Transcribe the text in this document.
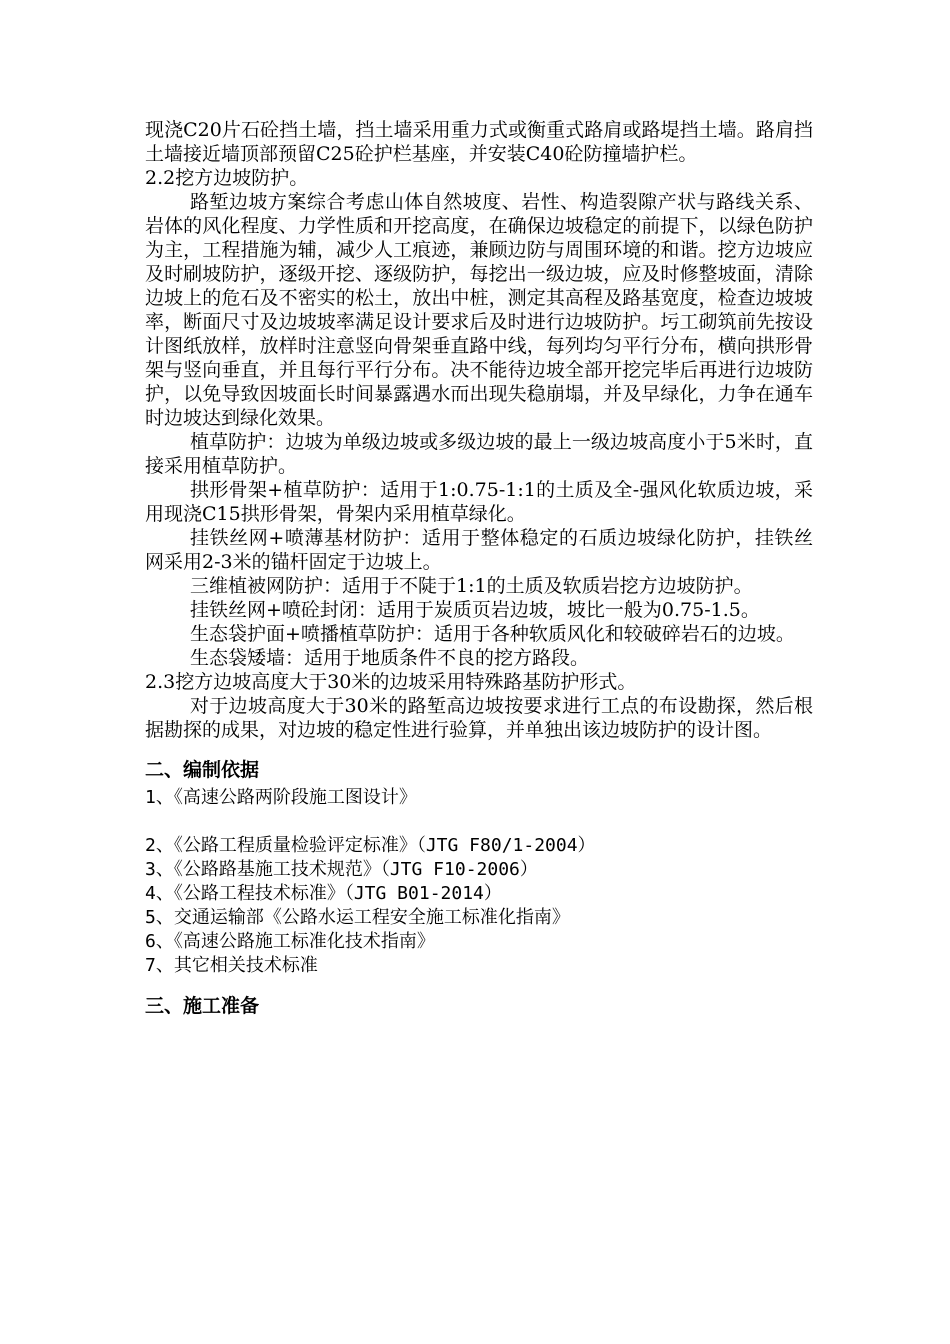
现浇C20片石砼挡土墙，挡土墙采用重力式或衡重式路肩或路堤挡土墙。路肩挡土墙接近墙顶部预留C25砼护栏基座，并安装C40砼防撞墙护栏。

2.2挖方边坡防护。

路堑边坡方案综合考虑山体自然坡度、岩性、构造裂隙产状与路线关系、岩体的风化程度、力学性质和开挖高度，在确保边坡稳定的前提下，以绿色防护为主，工程措施为辅，减少人工痕迹，兼顾边防与周围环境的和谐。挖方边坡应及时刷坡防护，逐级开挖、逐级防护，每挖出一级边坡，应及时修整坡面，清除边坡上的危石及不密实的松土，放出中桩，测定其高程及路基宽度，检查边坡坡率，断面尺寸及边坡坡率满足设计要求后及时进行边坡防护。圬工砌筑前先按设计图纸放样，放样时注意竖向骨架垂直路中线，每列均匀平行分布，横向拱形骨架与竖向垂直，并且每行平行分布。决不能待边坡全部开挖完毕后再进行边坡防护，以免导致因坡面长时间暴露遇水而出现失稳崩塌，并及早绿化，力争在通车时边坡达到绿化效果。

植草防护：边坡为单级边坡或多级边坡的最上一级边坡高度小于5米时，直接采用植草防护。

拱形骨架+植草防护：适用于1:0.75-1:1的土质及全-强风化软质边坡，采用现浇C15拱形骨架，骨架内采用植草绿化。

挂铁丝网+喷薄基材防护：适用于整体稳定的石质边坡绿化防护，挂铁丝网采用2-3米的锚杆固定于边坡上。

三维植被网防护：适用于不陡于1:1的土质及软质岩挖方边坡防护。

挂铁丝网+喷砼封闭：适用于炭质页岩边坡，坡比一般为0.75-1.5。

生态袋护面+喷播植草防护：适用于各种软质风化和较破碎岩石的边坡。

生态袋矮墙：适用于地质条件不良的挖方路段。

2.3挖方边坡高度大于30米的边坡采用特殊路基防护形式。

对于边坡高度大于30米的路堑高边坡按要求进行工点的布设勘探，然后根据勘探的成果，对边坡的稳定性进行验算，并单独出该边坡防护的设计图。

二、编制依据

1、《高速公路两阶段施工图设计》

2、《公路工程质量检验评定标准》（JTG F80/1-2004）

3、《公路路基施工技术规范》（JTG F10-2006）

4、《公路工程技术标准》（JTG B01-2014）

5、交通运输部《公路水运工程安全施工标准化指南》

6、《高速公路施工标准化技术指南》

7、其它相关技术标准

三、施工准备
